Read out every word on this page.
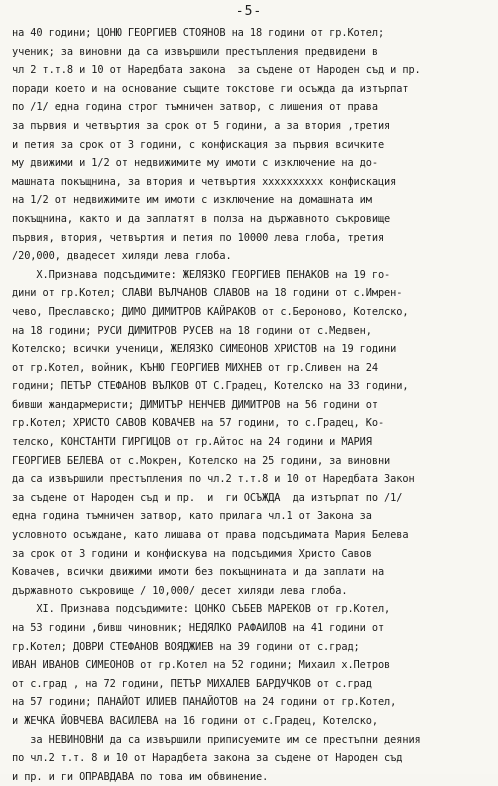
-5-
на 40 години; ЦОНЮ ГЕОРГИЕВ СТОЯНОВ на 18 години от гр.Котел;
ученик; за виновни да са извършили престъпления предвидени в
чл 2 т.т.8 и 10 от Наредбата закона  за съдене от Народен съд и пр.
поради което и на основание същите токстове ги осъжда да изтърпат
по /1/ една година строг тъмничен затвор, с лишения от права
за първия и четвъртия за срок от 5 години, а за втория ,третия
и петия за срок от 3 години, с конфискация за първия всичките
му движими и 1/2 от недвижимите му имоти с изключение на до-
машната покъщнина, за втория и четвъртия хххххххххх конфискация
на 1/2 от недвижимите им имоти с изключение на домашната им
покъщнина, както и да заплатят в полза на държавното съкровище
първия, втория, четвъртия и петия по 10000 лева глоба, третия
/20,000, двадесет хиляди лева глоба.
Х.Признава подсъдимите: ЖЕЛЯЗКО ГЕОРГИЕВ ПЕНАКОВ на 19 го-
дини от гр.Котел; СЛАВИ ВЪЛЧАНОВ СЛАВОВ на 18 години от с.Имрен-
чево, Преславско; ДИМО ДИМИТРОВ КАЙРАКОВ от с.Бероново, Котелско,
на 18 години; РУСИ ДИМИТРОВ РУСЕВ на 18 години от с.Медвен,
Котелско; всички ученици, ЖЕЛЯЗКО СИМЕОНОВ ХРИСТОВ на 19 години
от гр.Котел, войник, КЪНЮ ГЕОРГИЕВ МИХНЕВ от гр.Сливен на 24
години; ПЕТЪР СТЕФАНОВ ВЪЛКОВ ОТ С.Градец, Котелско на 33 години,
бивши жандармеристи; ДИМИТЪР НЕНЧЕВ ДИМИТРОВ на 56 години от
гр.Котел; ХРИСТО САВОВ КОВАЧЕВ на 57 години, то с.Градец, Ко-
телско, КОНСТАНТИ ГИРГИЦОВ от гр.Айтос на 24 години и МАРИЯ
ГЕОРГИЕВ БЕЛЕВА от с.Мокрен, Котелско на 25 години, за виновни
да са извършили престъпления по чл.2 т.т.8 и 10 от Наредбата Закон
за съдене от Народен съд и пр.  и  ги ОСЪЖДА  да изтърпат по /1/
една година тъмничен затвор, като прилага чл.1 от Закона за
условното осъждане, като лишава от права подсъдимата Мария Белева
за срок от 3 години и конфискува на подсъдимия Христо Савов
Ковачев, всички движими имоти без покъщнината и да заплати на
държавното съкровище / 10,000/ десет хиляди лева глоба.
ХІ. Признава подсъдимите: ЦОНКО СЪБЕВ МАРЕКОВ от гр.Котел,
на 53 години ,бивш чиновник; НЕДЯЛКО РАФАИЛОВ на 41 години от
гр.Котел; ДОВРИ СТЕФАНОВ ВОЯДЖИЕВ на 39 години от с.град;
ИВАН ИВАНОВ СИМЕОНОВ от гр.Котел на 52 години; Михаил х.Петров
от с.град , на 72 години, ПЕТЪР МИХАЛЕВ БАРДУЧКОВ от с.град
на 57 години; ПАНАЙОТ ИЛИЕВ ПАНАЙОТОВ на 24 години от гр.Котел,
и ЖЕЧКА ЙОВЧЕВА ВАСИЛЕВА на 16 години от с.Градец, Котелско,
за НЕВИНОВНИ да са извършили приписуемите им се престъпни деяния
по чл.2 т.т. 8 и 10 от Нарадбета закона за съдене от Народен съд
и пр. и ги ОПРАВДАВА по това им обвинение.
